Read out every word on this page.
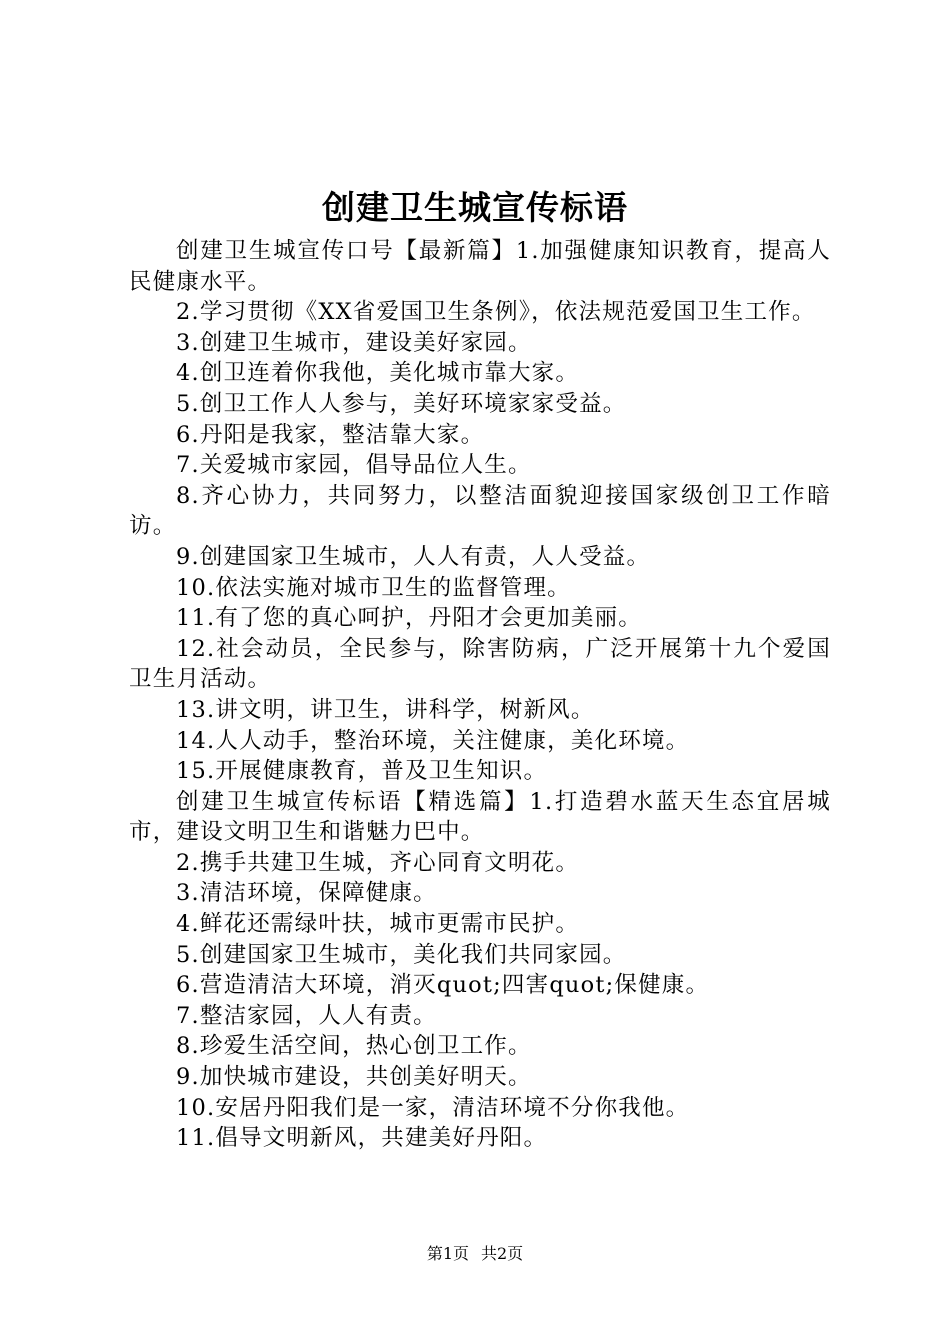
创建卫生城宣传标语

创建卫生城宣传口号【最新篇】1.加强健康知识教育，提高人民健康水平。

2.学习贯彻《XX省爱国卫生条例》，依法规范爱国卫生工作。

3.创建卫生城市，建设美好家园。

4.创卫连着你我他，美化城市靠大家。

5.创卫工作人人参与，美好环境家家受益。

6.丹阳是我家，整洁靠大家。

7.关爱城市家园，倡导品位人生。

8.齐心协力，共同努力，以整洁面貌迎接国家级创卫工作暗访。

9.创建国家卫生城市，人人有责，人人受益。

10.依法实施对城市卫生的监督管理。

11.有了您的真心呵护，丹阳才会更加美丽。

12.社会动员，全民参与，除害防病，广泛开展第十九个爱国卫生月活动。

13.讲文明，讲卫生，讲科学，树新风。

14.人人动手，整治环境，关注健康，美化环境。

15.开展健康教育，普及卫生知识。

创建卫生城宣传标语【精选篇】1.打造碧水蓝天生态宜居城市，建设文明卫生和谐魅力巴中。

2.携手共建卫生城，齐心同育文明花。

3.清洁环境，保障健康。

4.鲜花还需绿叶扶，城市更需市民护。

5.创建国家卫生城市，美化我们共同家园。

6.营造清洁大环境，消灭quot;四害quot;保健康。

7.整洁家园，人人有责。

8.珍爱生活空间，热心创卫工作。

9.加快城市建设，共创美好明天。

10.安居丹阳我们是一家，清洁环境不分你我他。

11.倡导文明新风，共建美好丹阳。

第1页 共2页
